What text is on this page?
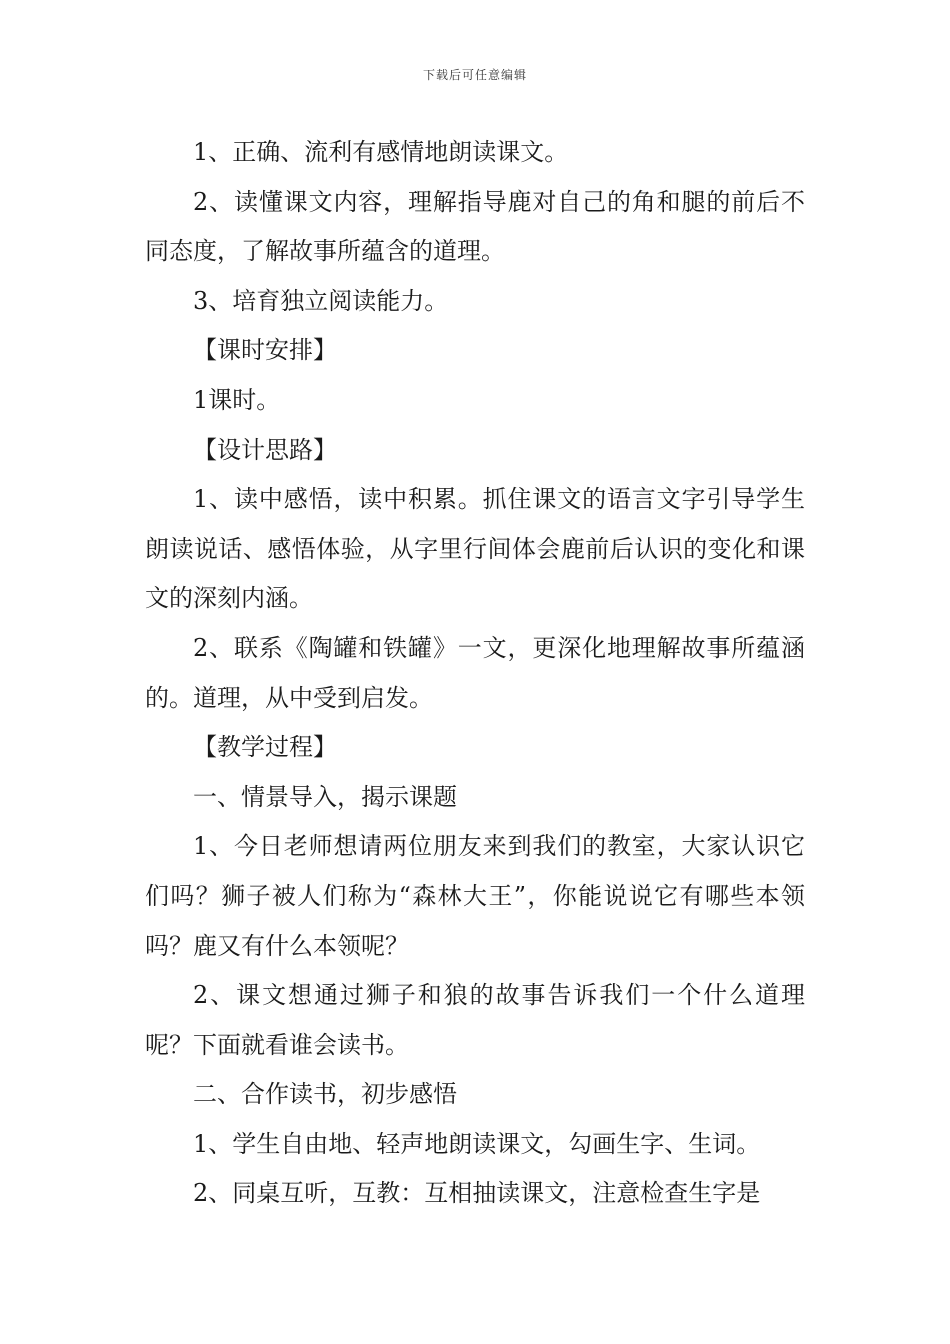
下载后可任意编辑

1、正确、流利有感情地朗读课文。

2、读懂课文内容，理解指导鹿对自己的角和腿的前后不同态度，了解故事所蕴含的道理。

3、培育独立阅读能力。

【课时安排】

1课时。

【设计思路】

1、读中感悟，读中积累。抓住课文的语言文字引导学生朗读说话、感悟体验，从字里行间体会鹿前后认识的变化和课文的深刻内涵。

2、联系《陶罐和铁罐》一文，更深化地理解故事所蕴涵的。道理，从中受到启发。

【教学过程】

一、情景导入，揭示课题

1、今日老师想请两位朋友来到我们的教室，大家认识它们吗？狮子被人们称为“森林大王”，你能说说它有哪些本领吗？鹿又有什么本领呢？

2、课文想通过狮子和狼的故事告诉我们一个什么道理呢？下面就看谁会读书。

二、合作读书，初步感悟

1、学生自由地、轻声地朗读课文，勾画生字、生词。

2、同桌互听，互教：互相抽读课文，注意检查生字是
